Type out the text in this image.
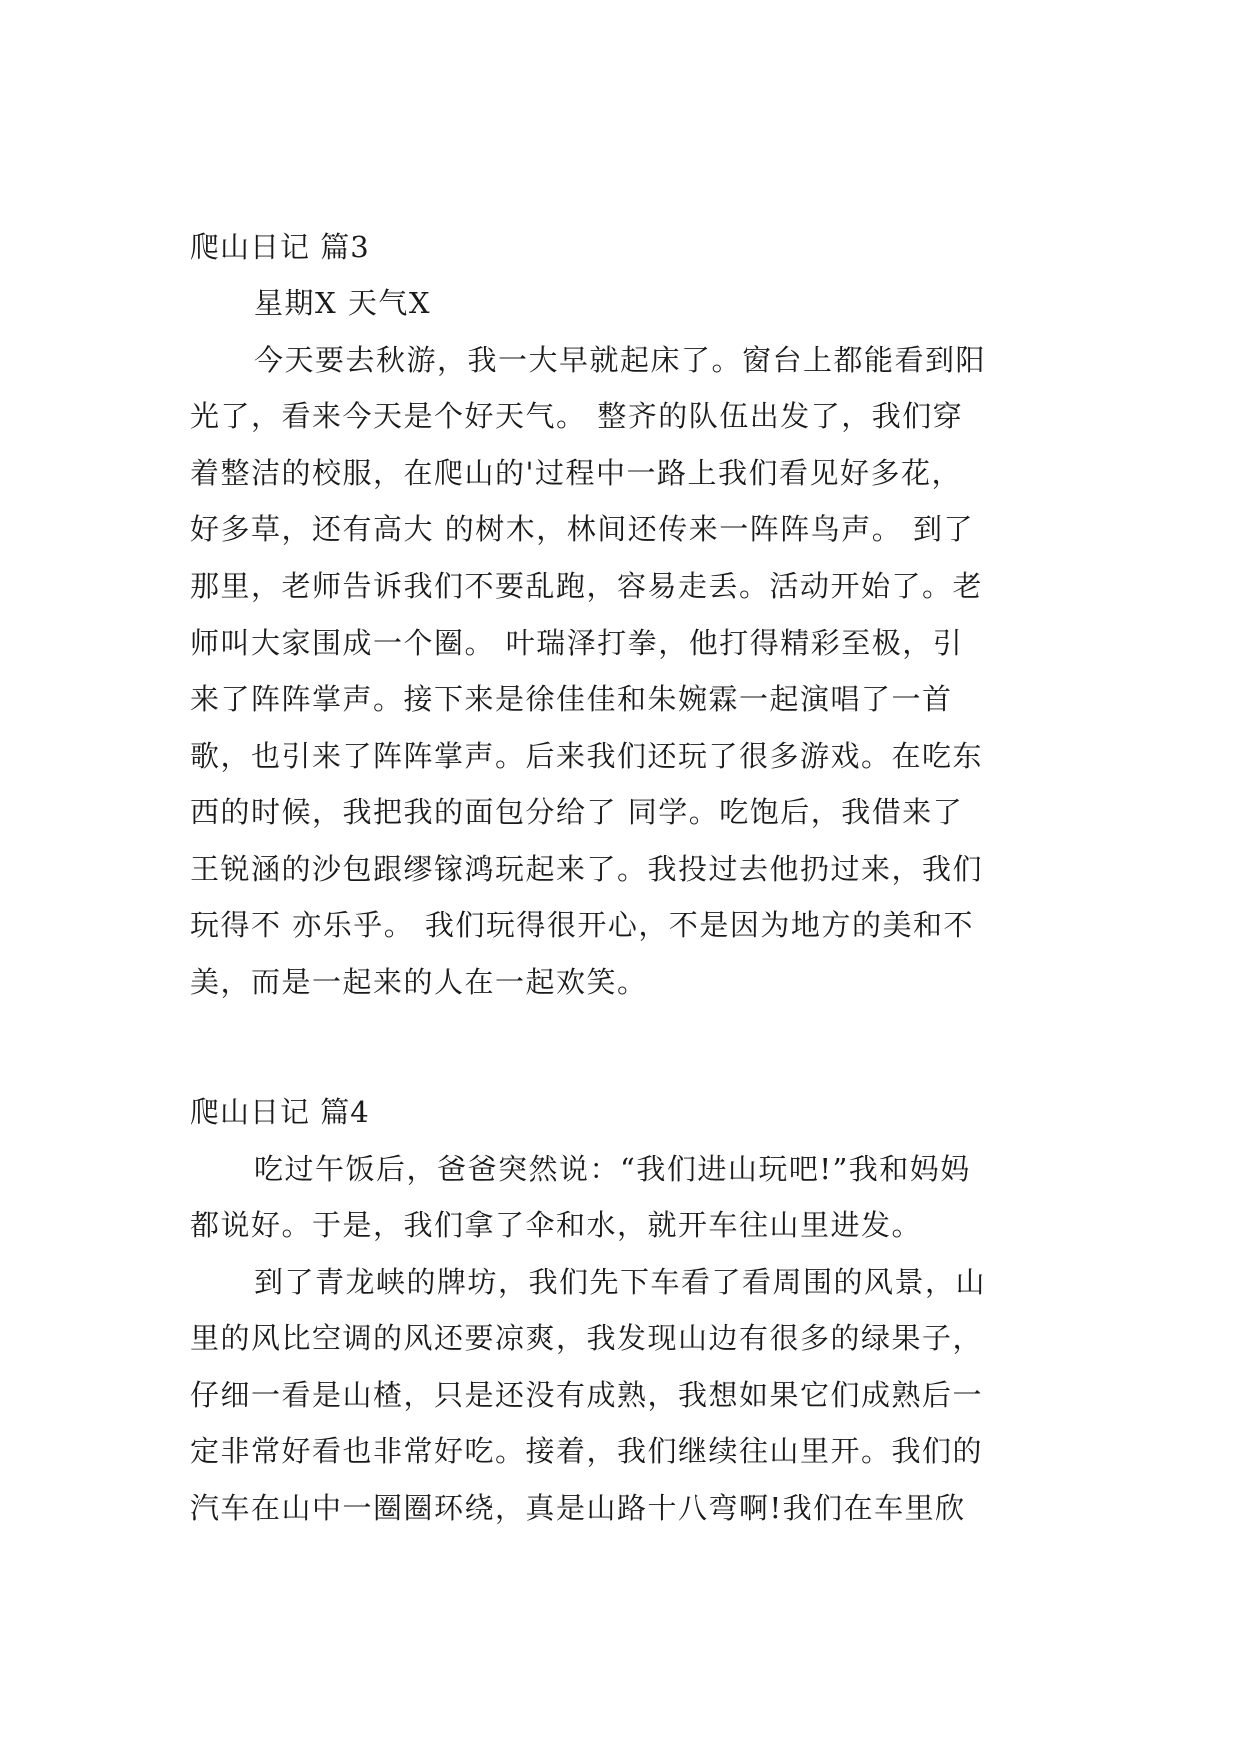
爬山日记 篇3
星期X 天气X
今天要去秋游，我一大早就起床了。窗台上都能看到阳
光了，看来今天是个好天气。 整齐的队伍出发了，我们穿
着整洁的校服，在爬山的'过程中一路上我们看见好多花，
好多草，还有高大 的树木，林间还传来一阵阵鸟声。 到了
那里，老师告诉我们不要乱跑，容易走丢。活动开始了。老
师叫大家围成一个圈。 叶瑞泽打拳，他打得精彩至极，引
来了阵阵掌声。接下来是徐佳佳和朱婉霖一起演唱了一首
歌，也引来了阵阵掌声。后来我们还玩了很多游戏。在吃东
西的时候，我把我的面包分给了 同学。吃饱后，我借来了
王锐涵的沙包跟缪镓鸿玩起来了。我投过去他扔过来，我们
玩得不 亦乐乎。 我们玩得很开心，不是因为地方的美和不
美，而是一起来的人在一起欢笑。
爬山日记 篇4
吃过午饭后，爸爸突然说：“我们进山玩吧!”我和妈妈
都说好。于是，我们拿了伞和水，就开车往山里进发。
到了青龙峡的牌坊，我们先下车看了看周围的风景，山
里的风比空调的风还要凉爽，我发现山边有很多的绿果子，
仔细一看是山楂，只是还没有成熟，我想如果它们成熟后一
定非常好看也非常好吃。接着，我们继续往山里开。我们的
汽车在山中一圈圈环绕，真是山路十八弯啊!我们在车里欣
